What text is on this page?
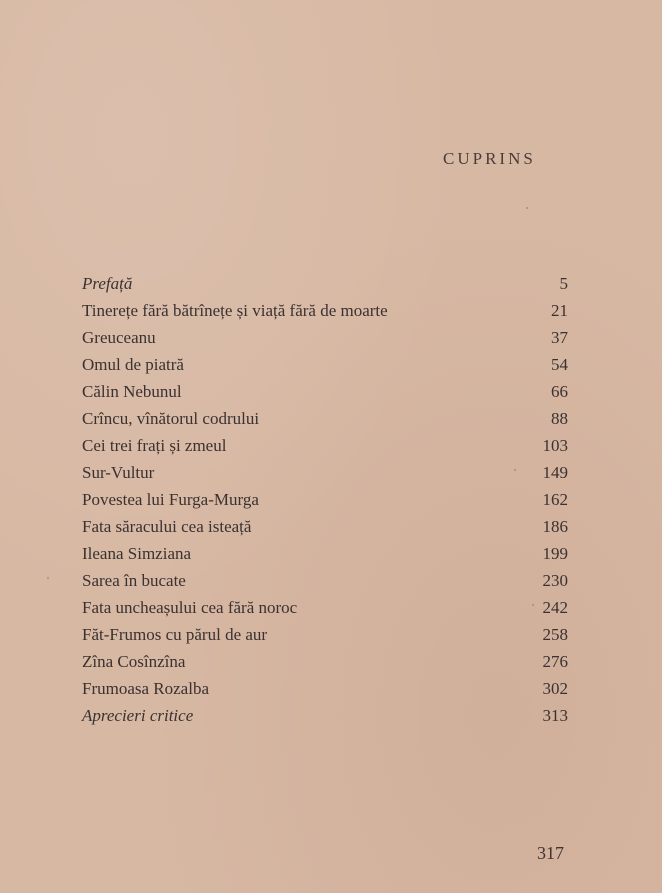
CUPRINS
Prefață	5
Tinerețe fără bătrînețe și viață fără de moarte	21
Greuceanu	37
Omul de piatră	54
Călin Nebunul	66
Crîncu, vînătorul codrului	88
Cei trei frați și zmeul	103
Sur-Vultur	149
Povestea lui Furga-Murga	162
Fata săracului cea isteață	186
Ileana Simziana	199
Sarea în bucate	230
Fata uncheașului cea fără noroc	242
Făt-Frumos cu părul de aur	258
Zîna Cosînzîna	276
Frumoasa Rozalba	302
Aprecieri critice	313
317
